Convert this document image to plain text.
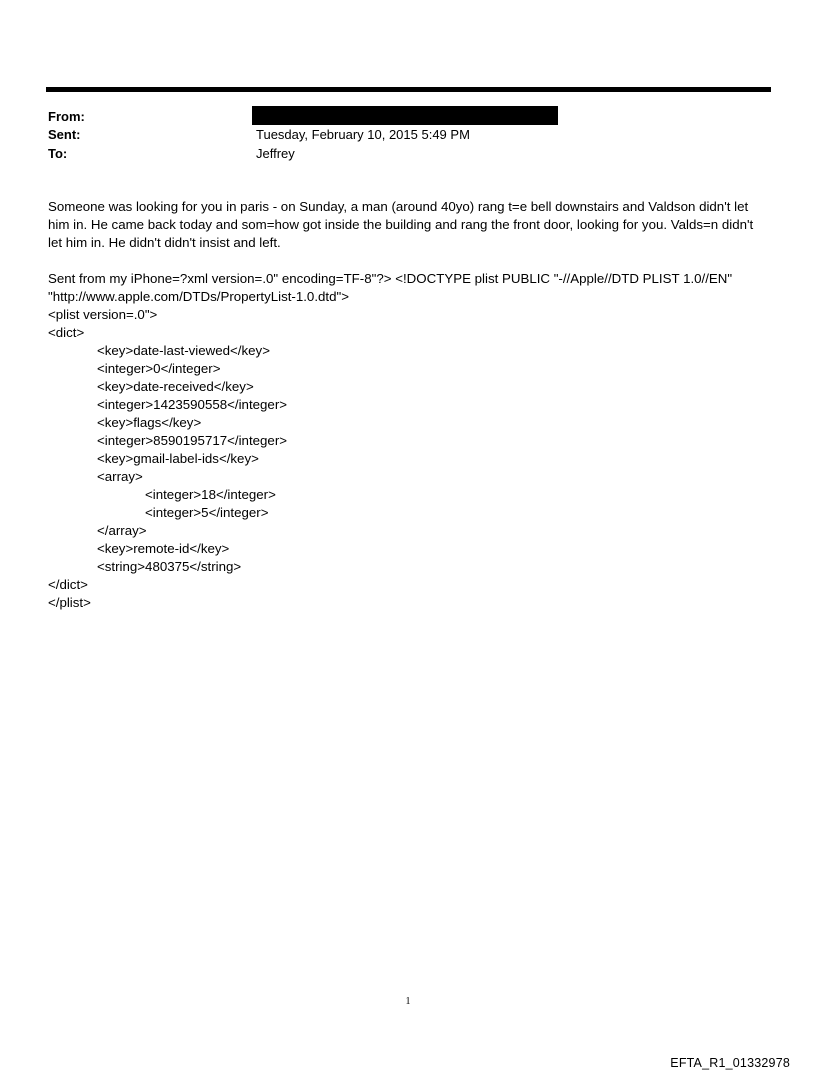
From:
Sent:	Tuesday, February 10, 2015 5:49 PM
To:	Jeffrey

Someone was looking for you in paris - on Sunday, a man (around 40yo) rang t=e bell downstairs and Valdson didn't let him in. He came back today and som=how got inside the building and rang the front door, looking for you. Valds=n didn't let him in. He didn't didn't insist and left.

Sent from my iPhone=?xml version=.0" encoding=TF-8"?> <!DOCTYPE plist PUBLIC "-//Apple//DTD PLIST 1.0//EN" "http://www.apple.com/DTDs/PropertyList-1.0.dtd">

<plist version=.0">
<dict>
<key>date-last-viewed</key>
<integer>0</integer>
<key>date-received</key>
<integer>1423590558</integer>
<key>flags</key>
<integer>8590195717</integer>
<key>gmail-label-ids</key>
<array>
<integer>18</integer>
<integer>5</integer>
</array>
<key>remote-id</key>
<string>480375</string>
</dict>
</plist>
1
EFTA_R1_01332978
